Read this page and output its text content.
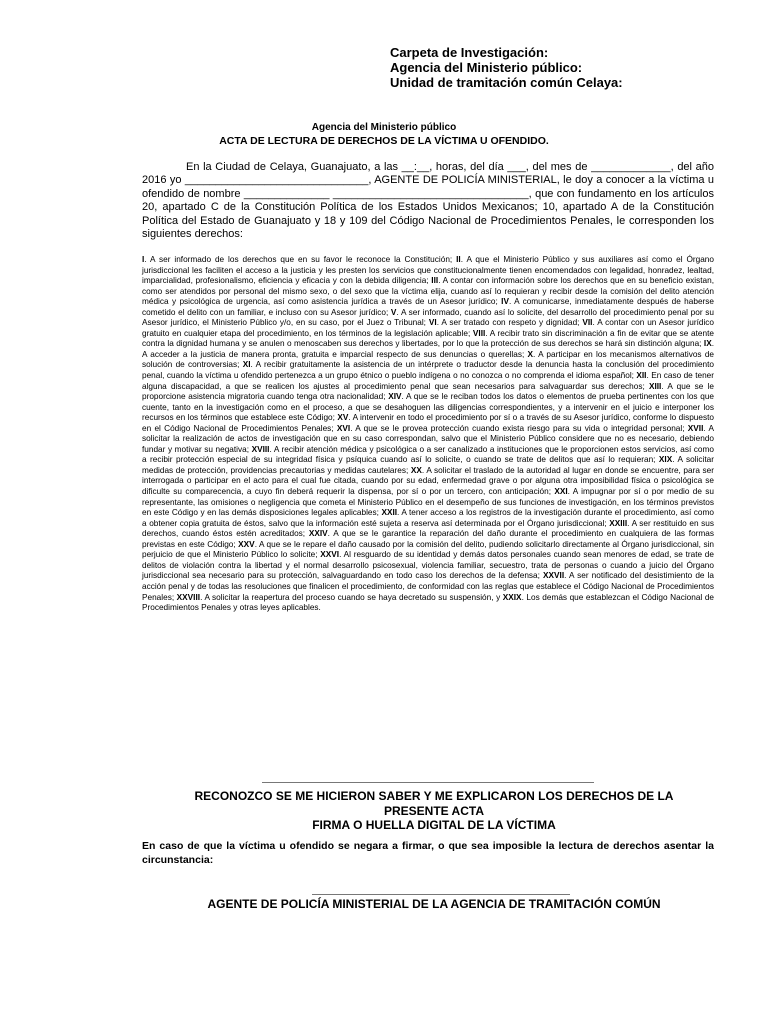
Carpeta de Investigación:
Agencia del Ministerio público:
Unidad de tramitación común Celaya:
Agencia del Ministerio público
ACTA DE LECTURA DE DERECHOS DE LA VÍCTIMA U OFENDIDO.
En la Ciudad de Celaya, Guanajuato, a las __:__, horas, del día ___, del mes de _____________, del año 2016 yo ______________________________, AGENTE DE POLICÍA MINISTERIAL, le doy a conocer a la víctima u ofendido de nombre ______________ ________________________________, que con fundamento en los artículos 20, apartado C de la Constitución Política de los Estados Unidos Mexicanos; 10, apartado A de la Constitución Política del Estado de Guanajuato y 18 y 109 del Código Nacional de Procedimientos Penales, le corresponden los siguientes derechos:
I. A ser informado de los derechos que en su favor le reconoce la Constitución; II. A que el Ministerio Público y sus auxiliares así como el Órgano jurisdiccional les faciliten el acceso a la justicia y les presten los servicios que constitucionalmente tienen encomendados con legalidad, honradez, lealtad, imparcialidad, profesionalismo, eficiencia y eficacia y con la debida diligencia; III. A contar con información sobre los derechos que en su beneficio existan, como ser atendidos por personal del mismo sexo, o del sexo que la víctima elija, cuando así lo requieran y recibir desde la comisión del delito atención médica y psicológica de urgencia, así como asistencia jurídica a través de un Asesor jurídico; IV. A comunicarse, inmediatamente después de haberse cometido el delito con un familiar, e incluso con su Asesor jurídico; V. A ser informado, cuando así lo solicite, del desarrollo del procedimiento penal por su Asesor jurídico, el Ministerio Público y/o, en su caso, por el Juez o Tribunal; VI. A ser tratado con respeto y dignidad; VII. A contar con un Asesor jurídico gratuito en cualquier etapa del procedimiento, en los términos de la legislación aplicable; VIII. A recibir trato sin discriminación a fin de evitar que se atente contra la dignidad humana y se anulen o menoscaben sus derechos y libertades, por lo que la protección de sus derechos se hará sin distinción alguna; IX. A acceder a la justicia de manera pronta, gratuita e imparcial respecto de sus denuncias o querellas; X. A participar en los mecanismos alternativos de solución de controversias; XI. A recibir gratuitamente la asistencia de un intérprete o traductor desde la denuncia hasta la conclusión del procedimiento penal, cuando la víctima u ofendido pertenezca a un grupo étnico o pueblo indígena o no conozca o no comprenda el idioma español; XII. En caso de tener alguna discapacidad, a que se realicen los ajustes al procedimiento penal que sean necesarios para salvaguardar sus derechos; XIII. A que se le proporcione asistencia migratoria cuando tenga otra nacionalidad; XIV. A que se le reciban todos los datos o elementos de prueba pertinentes con los que cuente, tanto en la investigación como en el proceso, a que se desahoguen las diligencias correspondientes, y a intervenir en el juicio e interponer los recursos en los términos que establece este Código; XV. A intervenir en todo el procedimiento por sí o a través de su Asesor jurídico, conforme lo dispuesto en el Código Nacional de Procedimientos Penales; XVI. A que se le provea protección cuando exista riesgo para su vida o integridad personal; XVII. A solicitar la realización de actos de investigación que en su caso correspondan, salvo que el Ministerio Público considere que no es necesario, debiendo fundar y motivar su negativa; XVIII. A recibir atención médica y psicológica o a ser canalizado a instituciones que le proporcionen estos servicios, así como a recibir protección especial de su integridad física y psíquica cuando así lo solicite, o cuando se trate de delitos que así lo requieran; XIX. A solicitar medidas de protección, providencias precautorias y medidas cautelares; XX. A solicitar el traslado de la autoridad al lugar en donde se encuentre, para ser interrogada o participar en el acto para el cual fue citada, cuando por su edad, enfermedad grave o por alguna otra imposibilidad física o psicológica se dificulte su comparecencia, a cuyo fin deberá requerir la dispensa, por sí o por un tercero, con anticipación; XXI. A impugnar por sí o por medio de su representante, las omisiones o negligencia que cometa el Ministerio Público en el desempeño de sus funciones de investigación, en los términos previstos en este Código y en las demás disposiciones legales aplicables; XXII. A tener acceso a los registros de la investigación durante el procedimiento, así como a obtener copia gratuita de éstos, salvo que la información esté sujeta a reserva así determinada por el Órgano jurisdiccional; XXIII. A ser restituido en sus derechos, cuando éstos estén acreditados; XXIV. A que se le garantice la reparación del daño durante el procedimiento en cualquiera de las formas previstas en este Código; XXV. A que se le repare el daño causado por la comisión del delito, pudiendo solicitarlo directamente al Órgano jurisdiccional, sin perjuicio de que el Ministerio Público lo solicite; XXVI. Al resguardo de su identidad y demás datos personales cuando sean menores de edad, se trate de delitos de violación contra la libertad y el normal desarrollo psicosexual, violencia familiar, secuestro, trata de personas o cuando a juicio del Órgano jurisdiccional sea necesario para su protección, salvaguardando en todo caso los derechos de la defensa; XXVII. A ser notificado del desistimiento de la acción penal y de todas las resoluciones que finalicen el procedimiento, de conformidad con las reglas que establece el Código Nacional de Procedimientos Penales; XXVIII. A solicitar la reapertura del proceso cuando se haya decretado su suspensión, y XXIX. Los demás que establezcan el Código Nacional de Procedimientos Penales y otras leyes aplicables.
RECONOZCO SE ME HICIERON SABER Y ME EXPLICARON LOS DERECHOS DE LA
PRESENTE ACTA
FIRMA O HUELLA DIGITAL DE LA VÍCTIMA
En caso de que la víctima u ofendido se negara a firmar, o que sea imposible la lectura de derechos asentar la circunstancia:
AGENTE DE POLICÍA MINISTERIAL DE LA AGENCIA DE TRAMITACIÓN COMÚN
